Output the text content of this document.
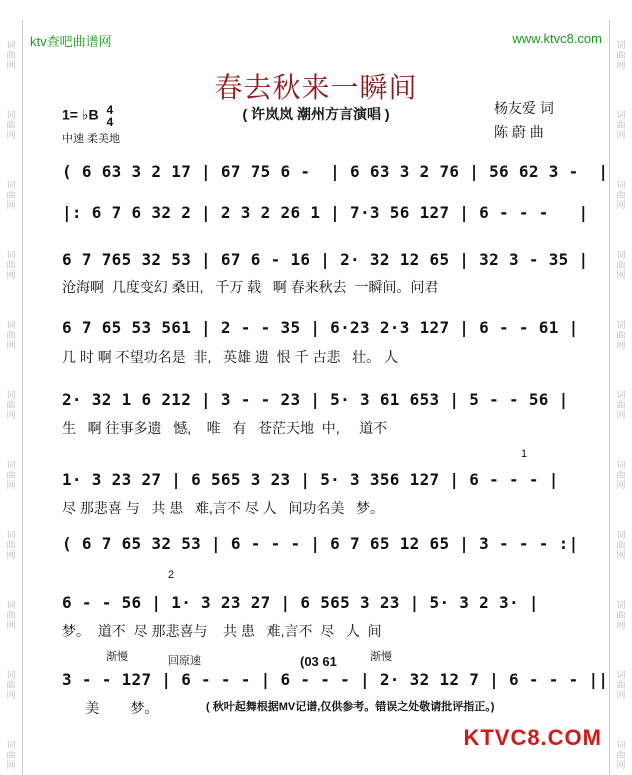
ktv查吧曲谱网	www.ktvc8.com
春去秋来一瞬间
( 许岚岚 潮州方言演唱 )
1= ♭B 4
4
中速 柔美地
杨友爱 词
陈 蔚 曲
( 6 63 3 2 17 | 67 75 6 -  | 6 63 3 2 76 | 56 62 3 -  |
|: 6 7 6 32 2 | 2 3 2 26 1 | 7·3 56 127 | 6 - - -   |
6 7 765 32 53 | 67 6 - 16 | 2· 32 12 65 | 32 3 - 35 |
沧海啊  几度变幻 桑田,   千万 载   啊 春来秋去  一瞬间。问君
6 7 65 53 561 | 2 - - 35 | 6·23 2·3 127 | 6 - - 61 |
几 时 啊 不望功名是  非,   英雄 遗  恨 千 古悲   壮。 人
2· 32 1 6 212 | 3 - - 23 | 5· 3 61 653 | 5 - - 56 |
生   啊 往事多遗   憾,    唯   有   苍茫天地  中,     道不
1
1· 3 23 27 | 6 565 3 23 | 5· 3 356 127 | 6 - - - |
尽 那悲喜 与   共 患   难,言不 尽 人   间功名美   梦。
( 6 7 65 32 53 | 6 - - - | 6 7 65 12 65 | 3 - - - :|
2
6 - - 56 | 1· 3 23 27 | 6 565 3 23 | 5· 3 2 3· |
梦。  道不  尽 那悲喜与    共 患   难,言不  尽   人  间
渐慢	回原速	(03 61	渐慢
3 - - 127 | 6 - - - | 6 - - - | 2· 32 12 7 | 6 - - - ||
美        梦。	( 秋叶起舞根据MV记谱,仅供参考。错误之处敬请批评指正。)
KTVC8.COM
词
曲
网
词
曲
网
词
曲
网
词
曲
网
词
曲
网
词
曲
网
词
曲
网
词
曲
网
词
曲
网
词
曲
网
词
曲
网
词
曲
网
词
曲
网
词
曲
网
词
曲
网
词
曲
网
词
曲
网
词
曲
网
词
曲
网
词
曲
网
词
曲
网
词
曲
网
